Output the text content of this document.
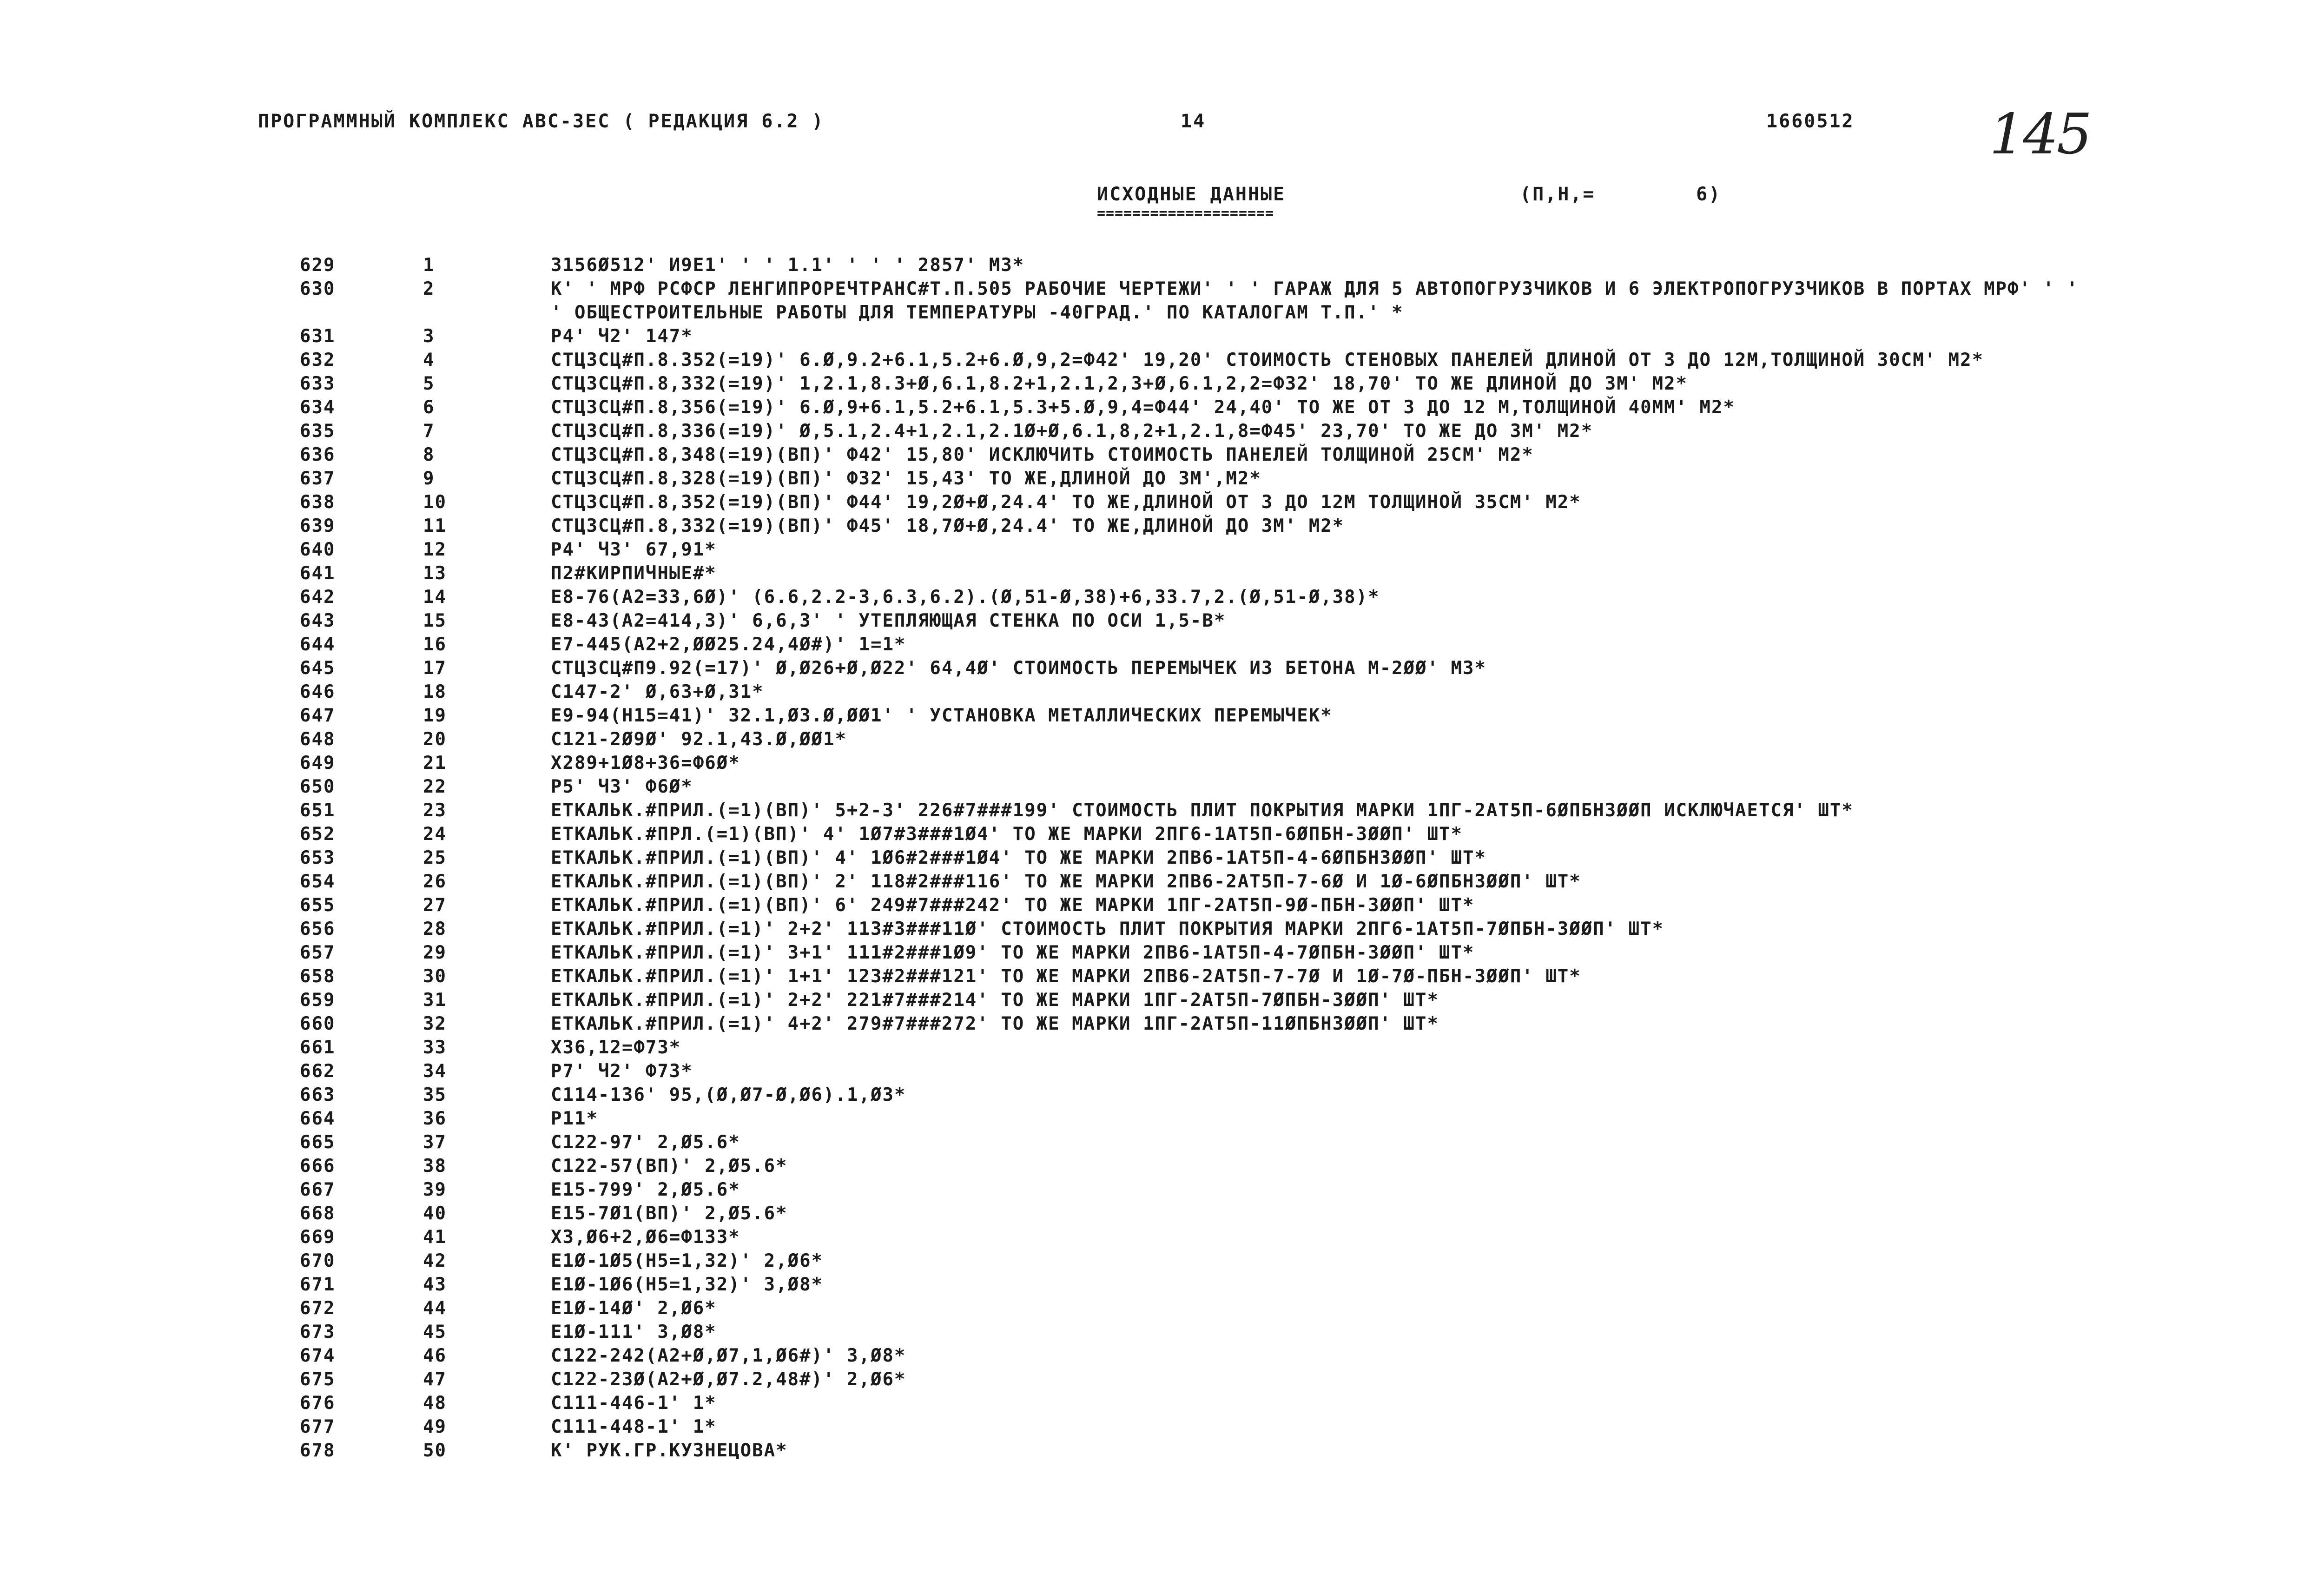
ПРОГРАММНЫЙ КОМПЛЕКС АВС-ЗЕС ( РЕДАКЦИЯ 6.2 )	14	1660512 145
ИСХОДНЫЕ ДАННЫЕ
====================
(П,Н,=        6)
629	1	3156Ø512' И9Е1' ' ' 1.1' ' ' ' 2857' М3*
630	2	К' ' МРФ РСФСР ЛЕНГИПРОРЕЧТРАНС#Т.П.505 РАБОЧИЕ ЧЕРТЕЖИ' ' ' ГАРАЖ ДЛЯ 5 АВТОПОГРУЗЧИКОВ И 6 ЭЛЕКТРОПОГРУЗЧИКОВ В ПОРТАХ МРФ' ' ' ' ОБЩЕСТРОИТЕЛЬНЫЕ РАБОТЫ ДЛЯ ТЕМПЕРАТУРЫ -40ГРАД.' ПО КАТАЛОГАМ Т.П.' *
631	3	Р4' Ч2' 147*
632	4	СТЦЗСЦ#П.8.352(=19)' 6.Ø,9.2+6.1,5.2+6.Ø,9,2=Ф42' 19,20' СТОИМОСТЬ СТЕНОВЫХ ПАНЕЛЕЙ ДЛИНОЙ ОТ 3 ДО 12М,ТОЛЩИНОЙ 30СМ' М2*
633	5	СТЦЗСЦ#П.8,332(=19)' 1,2.1,8.3+Ø,6.1,8.2+1,2.1,2,3+Ø,6.1,2,2=Ф32' 18,70' ТО ЖЕ ДЛИНОЙ ДО 3М' М2*
634	6	СТЦЗСЦ#П.8,356(=19)' 6.Ø,9+6.1,5.2+6.1,5.3+5.Ø,9,4=Ф44' 24,40' ТО ЖЕ ОТ 3 ДО 12 М,ТОЛЩИНОЙ 40ММ' М2*
635	7	СТЦЗСЦ#П.8,336(=19)' Ø,5.1,2.4+1,2.1,2.1Ø+Ø,6.1,8,2+1,2.1,8=Ф45' 23,70' ТО ЖЕ ДО 3М' М2*
636	8	СТЦЗСЦ#П.8,348(=19)(ВП)' Ф42' 15,80' ИСКЛЮЧИТЬ СТОИМОСТЬ ПАНЕЛЕЙ ТОЛЩИНОЙ 25СМ' М2*
637	9	СТЦЗСЦ#П.8,328(=19)(ВП)' Ф32' 15,43' ТО ЖЕ,ДЛИНОЙ ДО 3М',М2*
638	10	СТЦЗСЦ#П.8,352(=19)(ВП)' Ф44' 19,2Ø+Ø,24.4' ТО ЖЕ,ДЛИНОЙ ОТ 3 ДО 12М ТОЛЩИНОЙ 35СМ' М2*
639	11	СТЦЗСЦ#П.8,332(=19)(ВП)' Ф45' 18,7Ø+Ø,24.4' ТО ЖЕ,ДЛИНОЙ ДО 3М' М2*
640	12	Р4' Ч3' 67,91*
641	13	П2#КИРПИЧНЫЕ#*
642	14	Е8-76(А2=33,6Ø)' (6.6,2.2-3,6.3,6.2).(Ø,51-Ø,38)+6,33.7,2.(Ø,51-Ø,38)*
643	15	Е8-43(А2=414,3)' 6,6,3' ' УТЕПЛЯЮЩАЯ СТЕНКА ПО ОСИ 1,5-В*
644	16	Е7-445(А2+2,ØØ25.24,4Ø#)' 1=1*
645	17	СТЦЗСЦ#П9.92(=17)' Ø,Ø26+Ø,Ø22' 64,4Ø' СТОИМОСТЬ ПЕРЕМЫЧЕК ИЗ БЕТОНА М-2ØØ' М3*
646	18	С147-2' Ø,63+Ø,31*
647	19	Е9-94(Н15=41)' 32.1,Ø3.Ø,ØØ1' ' УСТАНОВКА МЕТАЛЛИЧЕСКИХ ПЕРЕМЫЧЕК*
648	20	С121-2Ø9Ø' 92.1,43.Ø,ØØ1*
649	21	Х289+1Ø8+36=Ф6Ø*
650	22	Р5' Ч3' Ф6Ø*
651	23	ЕТКАЛЬК.#ПРИЛ.(=1)(ВП)' 5+2-3' 226#7###199' СТОИМОСТЬ ПЛИТ ПОКРЫТИЯ МАРКИ 1ПГ-2АТ5П-6ØПБН3ØØП ИСКЛЮЧАЕТСЯ' ШТ*
652	24	ЕТКАЛЬК.#ПРЛ.(=1)(ВП)' 4' 1Ø7#3###1Ø4' ТО ЖЕ МАРКИ 2ПГ6-1АТ5П-6ØПБН-3ØØП' ШТ*
653	25	ЕТКАЛЬК.#ПРИЛ.(=1)(ВП)' 4' 1Ø6#2###1Ø4' ТО ЖЕ МАРКИ 2ПВ6-1АТ5П-4-6ØПБН3ØØП' ШТ*
654	26	ЕТКАЛЬК.#ПРИЛ.(=1)(ВП)' 2' 118#2###116' ТО ЖЕ МАРКИ 2ПВ6-2АТ5П-7-6Ø И 1Ø-6ØПБН3ØØП' ШТ*
655	27	ЕТКАЛЬК.#ПРИЛ.(=1)(ВП)' 6' 249#7###242' ТО ЖЕ МАРКИ 1ПГ-2АТ5П-9Ø-ПБН-3ØØП' ШТ*
656	28	ЕТКАЛЬК.#ПРИЛ.(=1)' 2+2' 113#3###11Ø' СТОИМОСТЬ ПЛИТ ПОКРЫТИЯ МАРКИ 2ПГ6-1АТ5П-7ØПБН-3ØØП' ШТ*
657	29	ЕТКАЛЬК.#ПРИЛ.(=1)' 3+1' 111#2###1Ø9' ТО ЖЕ МАРКИ 2ПВ6-1АТ5П-4-7ØПБН-3ØØП' ШТ*
658	30	ЕТКАЛЬК.#ПРИЛ.(=1)' 1+1' 123#2###121' ТО ЖЕ МАРКИ 2ПВ6-2АТ5П-7-7Ø И 1Ø-7Ø-ПБН-3ØØП' ШТ*
659	31	ЕТКАЛЬК.#ПРИЛ.(=1)' 2+2' 221#7###214' ТО ЖЕ МАРКИ 1ПГ-2АТ5П-7ØПБН-3ØØП' ШТ*
660	32	ЕТКАЛЬК.#ПРИЛ.(=1)' 4+2' 279#7###272' ТО ЖЕ МАРКИ 1ПГ-2АТ5П-11ØПБН3ØØП' ШТ*
661	33	Х36,12=Ф73*
662	34	Р7' Ч2' Ф73*
663	35	С114-136' 95,(Ø,Ø7-Ø,Ø6).1,Ø3*
664	36	Р11*
665	37	С122-97' 2,Ø5.6*
666	38	С122-57(ВП)' 2,Ø5.6*
667	39	Е15-799' 2,Ø5.6*
668	40	Е15-7Ø1(ВП)' 2,Ø5.6*
669	41	Х3,Ø6+2,Ø6=Ф133*
670	42	Е1Ø-1Ø5(Н5=1,32)' 2,Ø6*
671	43	Е1Ø-1Ø6(Н5=1,32)' 3,Ø8*
672	44	Е1Ø-14Ø' 2,Ø6*
673	45	Е1Ø-111' 3,Ø8*
674	46	С122-242(А2+Ø,Ø7,1,Ø6#)' 3,Ø8*
675	47	С122-23Ø(А2+Ø,Ø7.2,48#)' 2,Ø6*
676	48	С111-446-1' 1*
677	49	С111-448-1' 1*
678	50	К' РУК.ГР.КУЗНЕЦОВА*
